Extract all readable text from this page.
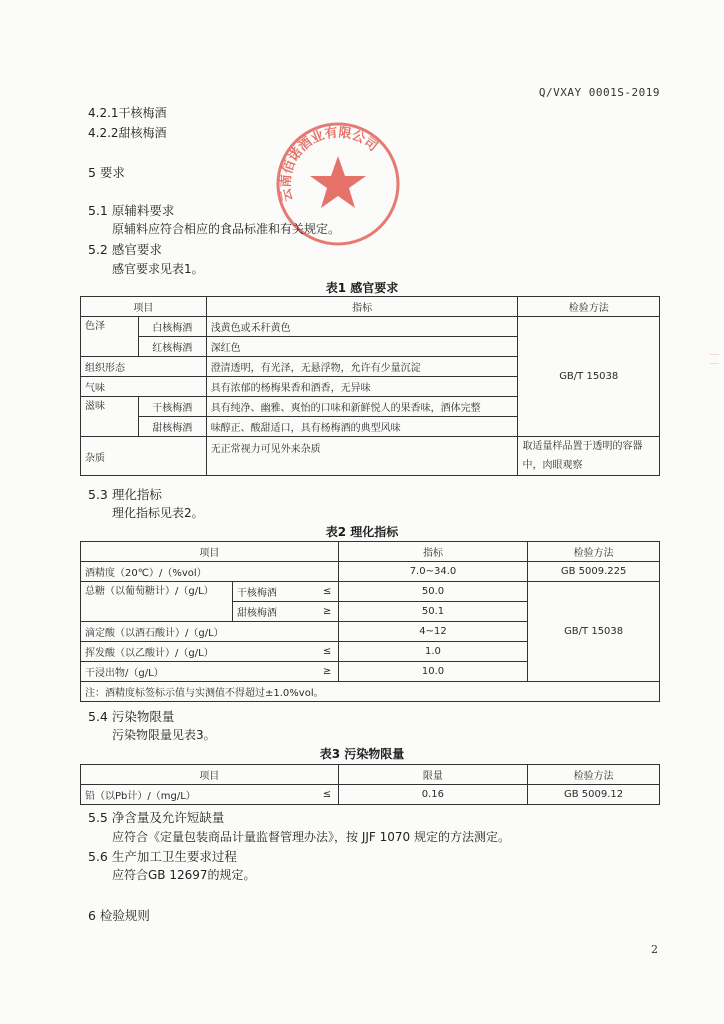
Q/VXAY 0001S-2019
云南佰诺酒业有限公司
｜｜
4.2.1干核梅酒
4.2.2甜核梅酒
5 要求
5.1 原辅料要求
原辅料应符合相应的食品标准和有关规定。
5.2 感官要求
感官要求见表1。
表1 感官要求
项目		指标	检验方法
色泽	白核梅酒	浅黄色或禾秆黄色	GB/T 15038
	红核梅酒	深红色	
组织形态		澄清透明，有光泽，无悬浮物，允许有少量沉淀	
气味		具有浓郁的杨梅果香和酒香，无异味	
滋味	干核梅酒	具有纯净、幽雅、爽怡的口味和新鲜悦人的果香味，酒体完整	
	甜核梅酒	味醇正、酸甜适口，具有杨梅酒的典型风味	
杂质		无正常视力可见外来杂质	取适量样品置于透明的容器
中，肉眼观察
5.3 理化指标
理化指标见表2。
表2 理化指标
项目			指标	检验方法
酒精度（20℃）/（%vol）			7.0~34.0	GB 5009.225
总糖（以葡萄糖计）/（g/L）	干核梅酒	≤	50.0	GB/T 15038
	甜核梅酒	≥	50.1	
滴定酸（以酒石酸计）/（g/L）			4~12	
挥发酸（以乙酸计）/（g/L）		≤	1.0	
干浸出物/（g/L）		≥	10.0	
注：酒精度标签标示值与实测值不得超过±1.0%vol。				
5.4 污染物限量
污染物限量见表3。
表3 污染物限量
项目		限量	检验方法
铅（以Pb计）/（mg/L）	≤	0.16	GB 5009.12
5.5 净含量及允许短缺量
应符合《定量包装商品计量监督管理办法》，按 JJF 1070 规定的方法测定。
5.6 生产加工卫生要求过程
应符合GB 12697的规定。
6 检验规则
2
